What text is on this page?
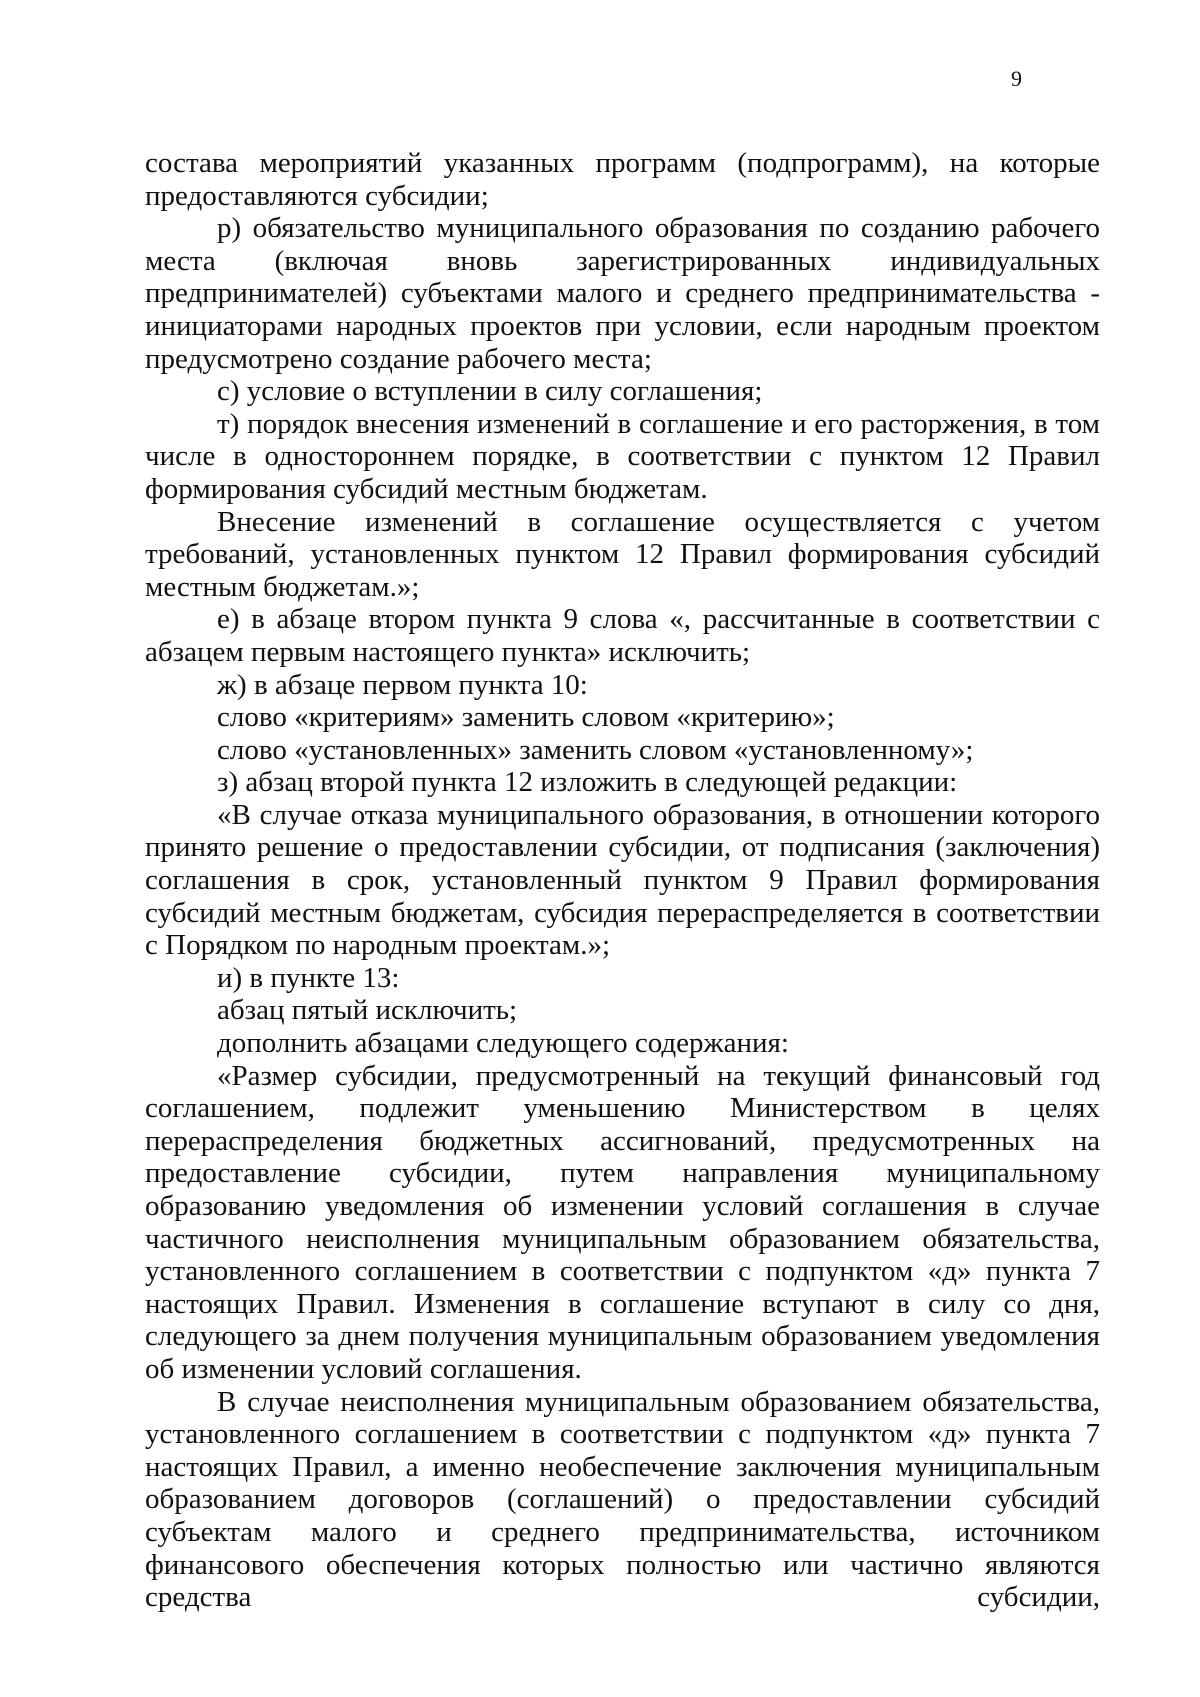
9

состава мероприятий указанных программ (подпрограмм), на которые предоставляются субсидии;

р) обязательство муниципального образования по созданию рабочего места (включая вновь зарегистрированных индивидуальных предпринимателей) субъектами малого и среднего предпринимательства - инициаторами народных проектов при условии, если народным проектом предусмотрено создание рабочего места;

с) условие о вступлении в силу соглашения;

т) порядок внесения изменений в соглашение и его расторжения, в том числе в одностороннем порядке, в соответствии с пунктом 12 Правил формирования субсидий местным бюджетам.

Внесение изменений в соглашение осуществляется с учетом требований, установленных пунктом 12 Правил формирования субсидий местным бюджетам.»;

е) в абзаце втором пункта 9 слова «, рассчитанные в соответствии с абзацем первым настоящего пункта» исключить;

ж) в абзаце первом пункта 10:

слово «критериям» заменить словом «критерию»;

слово «установленных» заменить словом «установленному»;

з) абзац второй пункта 12 изложить в следующей редакции:

«В случае отказа муниципального образования, в отношении которого принято решение о предоставлении субсидии, от подписания (заключения) соглашения в срок, установленный пунктом 9 Правил формирования субсидий местным бюджетам, субсидия перераспределяется в соответствии с Порядком по народным проектам.»;

и) в пункте 13:

абзац пятый исключить;

дополнить абзацами следующего содержания:

«Размер субсидии, предусмотренный на текущий финансовый год соглашением, подлежит уменьшению Министерством в целях перераспределения бюджетных ассигнований, предусмотренных на предоставление субсидии, путем направления муниципальному образованию уведомления об изменении условий соглашения в случае частичного неисполнения муниципальным образованием обязательства, установленного соглашением в соответствии с подпунктом «д» пункта 7 настоящих Правил. Изменения в соглашение вступают в силу со дня, следующего за днем получения муниципальным образованием уведомления об изменении условий соглашения.

В случае неисполнения муниципальным образованием обязательства, установленного соглашением в соответствии с подпунктом «д» пункта 7 настоящих Правил, а именно необеспечение заключения муниципальным образованием договоров (соглашений) о предоставлении субсидий субъектам малого и среднего предпринимательства, источником финансового обеспечения которых полностью или частично являются средства субсидии,
